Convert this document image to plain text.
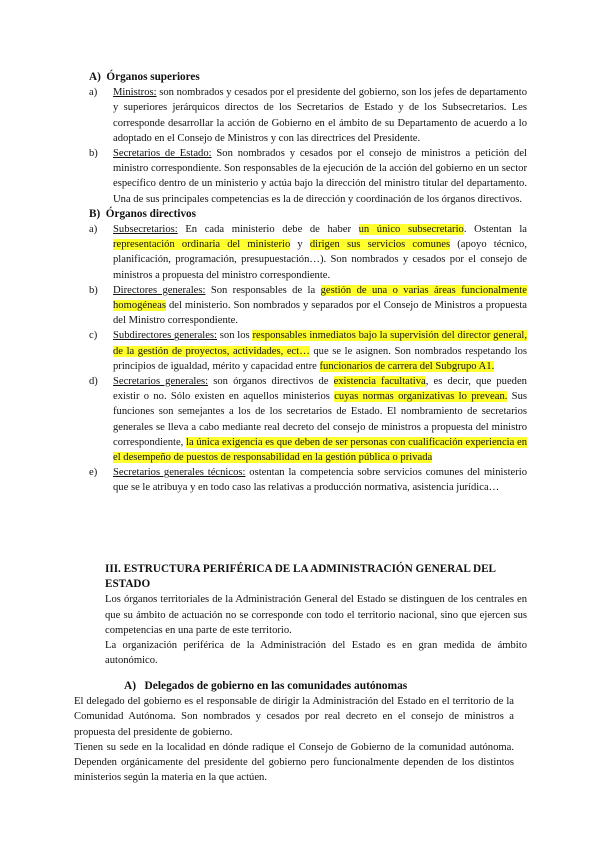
A)  Órganos superiores
a) Ministros: son nombrados y cesados por el presidente del gobierno, son los jefes de departamento y superiores jerárquicos directos de los Secretarios de Estado y de los Subsecretarios. Les corresponde desarrollar la acción de Gobierno en el ámbito de su Departamento de acuerdo a lo adoptado en el Consejo de Ministros y con las directrices del Presidente.
b) Secretarios de Estado: Son nombrados y cesados por el consejo de ministros a petición del ministro correspondiente. Son responsables de la ejecución de la acción del gobierno en un sector específico dentro de un ministerio y actúa bajo la dirección del ministro titular del departamento. Una de sus principales competencias es la de dirección y coordinación de los órganos directivos.
B)  Órganos directivos
a) Subsecretarios: En cada ministerio debe de haber un único subsecretario. Ostentan la representación ordinaria del ministerio y dirigen sus servicios comunes (apoyo técnico, planificación, programación, presupuestación…). Son nombrados y cesados por el consejo de ministros a propuesta del ministro correspondiente.
b) Directores generales: Son responsables de la gestión de una o varias áreas funcionalmente homogéneas del ministerio. Son nombrados y separados por el Consejo de Ministros a propuesta del Ministro correspondiente.
c) Subdirectores generales: son los responsables inmediatos bajo la supervisión del director general, de la gestión de proyectos, actividades, ect… que se le asignen. Son nombrados respetando los principios de igualdad, mérito y capacidad entre funcionarios de carrera del Subgrupo A1.
d) Secretarios generales: son órganos directivos de existencia facultativa, es decir, que pueden existir o no. Sólo existen en aquellos ministerios cuyas normas organizativas lo prevean. Sus funciones son semejantes a los de los secretarios de Estado. El nombramiento de secretarios generales se lleva a cabo mediante real decreto del consejo de ministros a propuesta del ministro correspondiente, la única exigencia es que deben de ser personas con cualificación experiencia en el desempeño de puestos de responsabilidad en la gestión pública o privada
e) Secretarios generales técnicos: ostentan la competencia sobre servicios comunes del ministerio que se le atribuya y en todo caso las relativas a producción normativa, asistencia jurídica…
III. ESTRUCTURA PERIFÉRICA DE LA ADMINISTRACIÓN GENERAL DEL ESTADO
Los órganos territoriales de la Administración General del Estado se distinguen de los centrales en que su ámbito de actuación no se corresponde con todo el territorio nacional, sino que ejercen sus competencias en una parte de este territorio.
La organización periférica de la Administración del Estado es en gran medida de ámbito autonómico.
A)   Delegados de gobierno en las comunidades autónomas
El delegado del gobierno es el responsable de dirigir la Administración del Estado en el territorio de la Comunidad Autónoma. Son nombrados y cesados por real decreto en el consejo de ministros a propuesta del presidente de gobierno.
Tienen su sede en la localidad en dónde radique el Consejo de Gobierno de la comunidad autónoma. Dependen orgánicamente del presidente del gobierno pero funcionalmente dependen de los distintos ministerios según la materia en la que actúen.
